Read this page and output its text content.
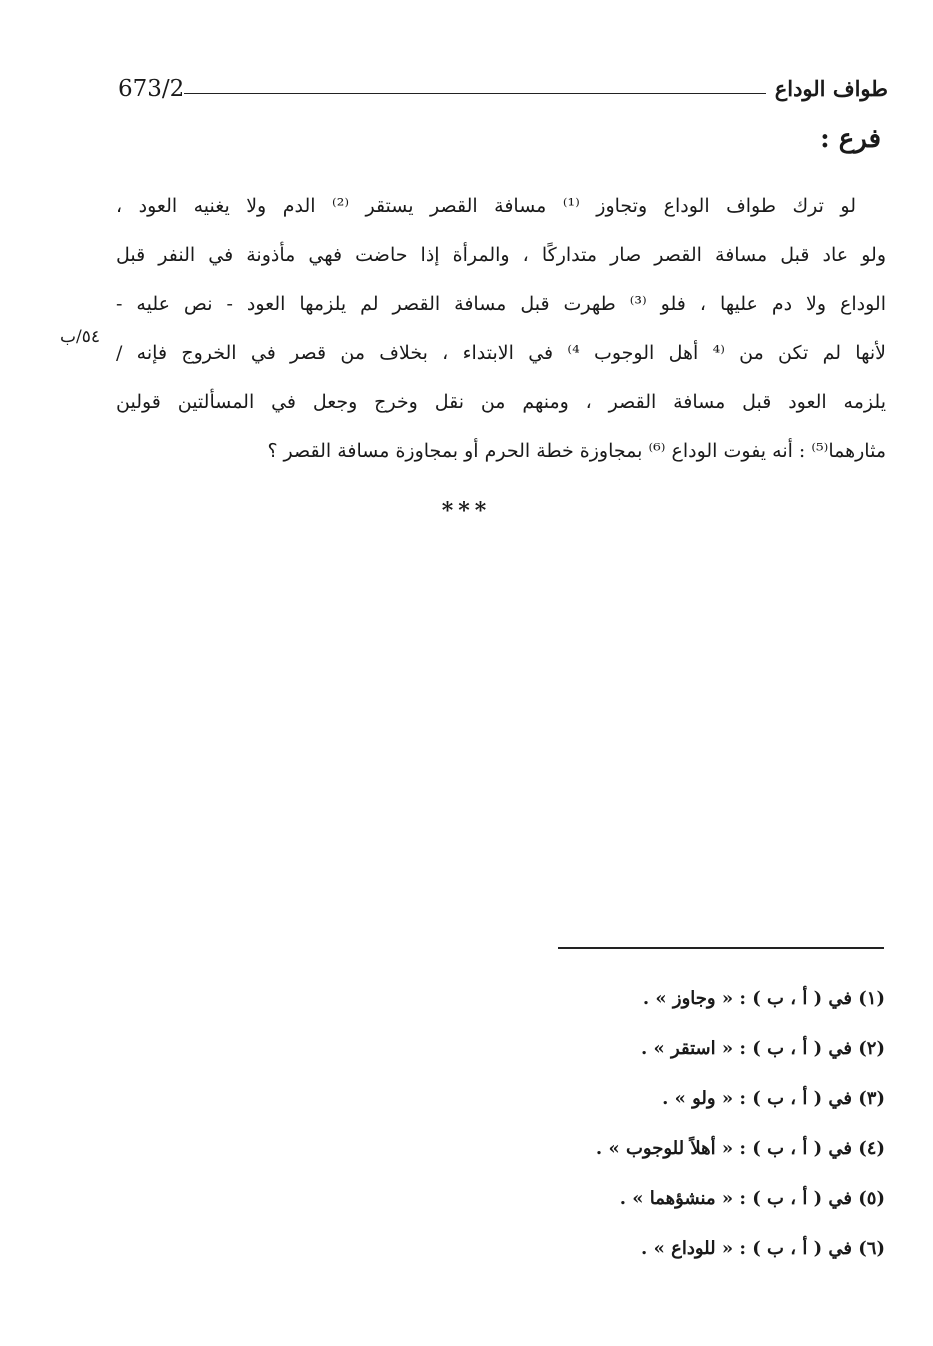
673/2	طواف الوداع
فرع :
لو ترك طواف الوداع وتجاوز ⁽¹⁾ مسافة القصر يستقر ⁽²⁾ الدم ولا يغنيه العود ،
ولو عاد قبل مسافة القصر صار متداركًا ، والمرأة إذا حاضت فهي مأذونة في النفر قبل
الوداع ولا دم عليها ، فلو ⁽³⁾ طهرت قبل مسافة القصر لم يلزمها العود - نص عليه -
لأنها لم تكن من ⁽⁴ أهل الوجوب ⁴⁾ في الابتداء ، بخلاف من قصر في الخروج فإنه /
يلزمه العود قبل مسافة القصر ، ومنهم من نقل وخرج وجعل في المسألتين قولين
مثارهما⁽⁵⁾ : أنه يفوت الوداع ⁽⁶⁾ بمجاوزة خطة الحرم أو بمجاوزة مسافة القصر ؟
٥٤/ب
***
(١) في ( أ ، ب ) : « وجاوز » .
(٢) في ( أ ، ب ) : « استقر » .
(٣) في ( أ ، ب ) : « ولو » .
(٤) في ( أ ، ب ) : « أهلاً للوجوب » .
(٥) في ( أ ، ب ) : « منشؤهما » .
(٦) في ( أ ، ب ) : « للوداع » .
